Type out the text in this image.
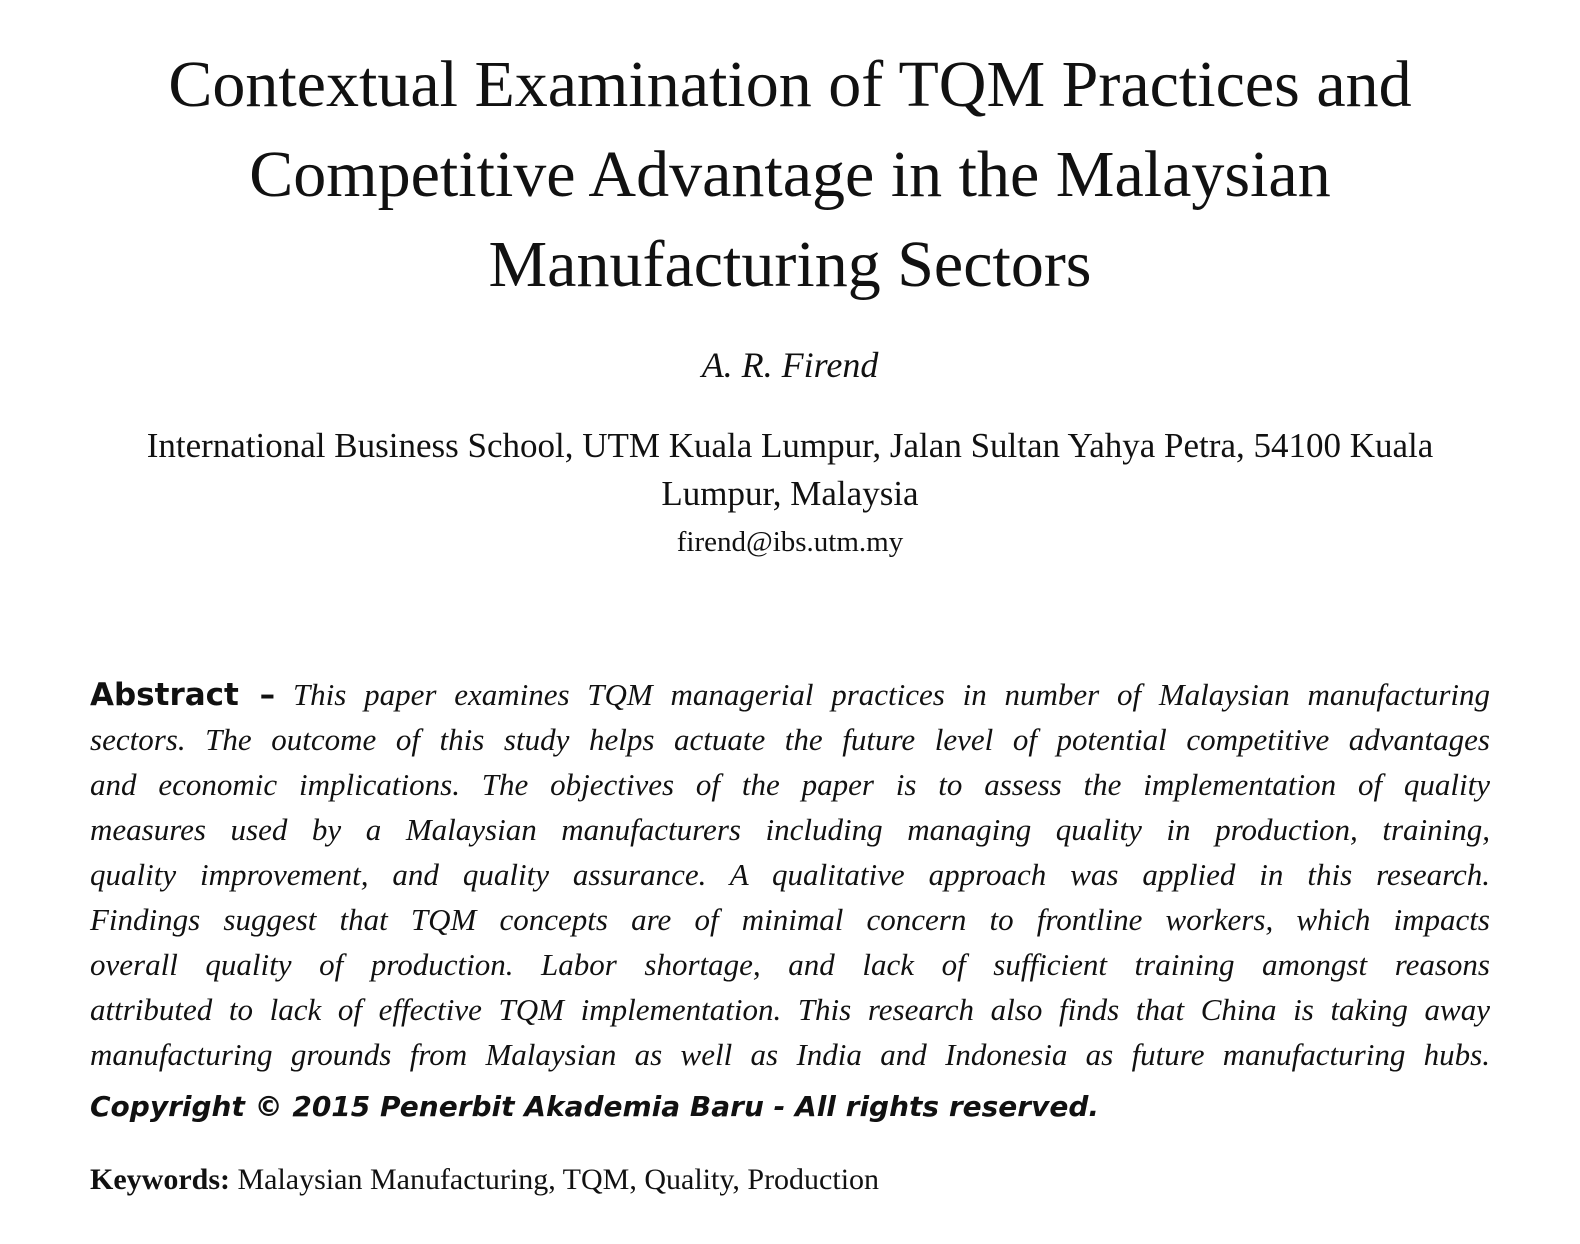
Contextual Examination of TQM Practices and
Competitive Advantage in the Malaysian
Manufacturing Sectors
A. R. Firend
International Business School, UTM Kuala Lumpur, Jalan Sultan Yahya Petra, 54100 Kuala
Lumpur, Malaysia
firend@ibs.utm.my
Abstract – This paper examines TQM managerial practices in number of Malaysian manufacturing
sectors. The outcome of this study helps actuate the future level of potential competitive advantages
and economic implications. The objectives of the paper is to assess the implementation of quality
measures used by a Malaysian manufacturers including managing quality in production, training,
quality improvement, and quality assurance. A qualitative approach was applied in this research.
Findings suggest that TQM concepts are of minimal concern to frontline workers, which impacts
overall quality of production. Labor shortage, and lack of sufficient training amongst reasons
attributed to lack of effective TQM implementation. This research also finds that China is taking away
manufacturing grounds from Malaysian as well as India and Indonesia as future manufacturing hubs.
Copyright © 2015 Penerbit Akademia Baru - All rights reserved.
Keywords: Malaysian Manufacturing, TQM, Quality, Production
